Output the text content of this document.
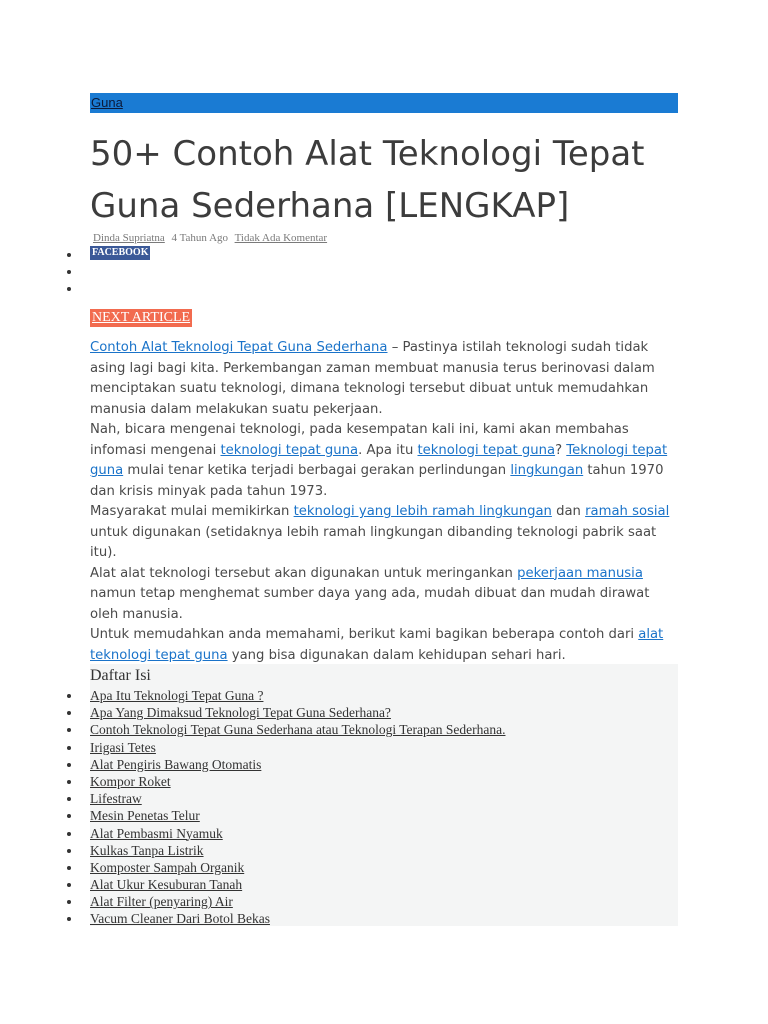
Guna
50+ Contoh Alat Teknologi Tepat Guna Sederhana [LENGKAP]
Dinda Supriatna 4 Tahun Ago Tidak Ada Komentar
FACEBOOK
NEXT ARTICLE

Contoh Alat Teknologi Tepat Guna Sederhana – Pastinya istilah teknologi sudah tidak asing lagi bagi kita. Perkembangan zaman membuat manusia terus berinovasi dalam menciptakan suatu teknologi, dimana teknologi tersebut dibuat untuk memudahkan manusia dalam melakukan suatu pekerjaan.

Nah, bicara mengenai teknologi, pada kesempatan kali ini, kami akan membahas infomasi mengenai teknologi tepat guna. Apa itu teknologi tepat guna? Teknologi tepat guna mulai tenar ketika terjadi berbagai gerakan perlindungan lingkungan tahun 1970 dan krisis minyak pada tahun 1973.

Masyarakat mulai memikirkan teknologi yang lebih ramah lingkungan dan ramah sosial untuk digunakan (setidaknya lebih ramah lingkungan dibanding teknologi pabrik saat itu).

Alat alat teknologi tersebut akan digunakan untuk meringankan pekerjaan manusia namun tetap menghemat sumber daya yang ada, mudah dibuat dan mudah dirawat oleh manusia.

Untuk memudahkan anda memahami, berikut kami bagikan beberapa contoh dari alat teknologi tepat guna yang bisa digunakan dalam kehidupan sehari hari.

Daftar Isi

Apa Itu Teknologi Tepat Guna ?
Apa Yang Dimaksud Teknologi Tepat Guna Sederhana?
Contoh Teknologi Tepat Guna Sederhana atau Teknologi Terapan Sederhana.
Irigasi Tetes
Alat Pengiris Bawang Otomatis
Kompor Roket
Lifestraw
Mesin Penetas Telur
Alat Pembasmi Nyamuk
Kulkas Tanpa Listrik
Komposter Sampah Organik
Alat Ukur Kesuburan Tanah
Alat Filter (penyaring) Air
Vacum Cleaner Dari Botol Bekas
